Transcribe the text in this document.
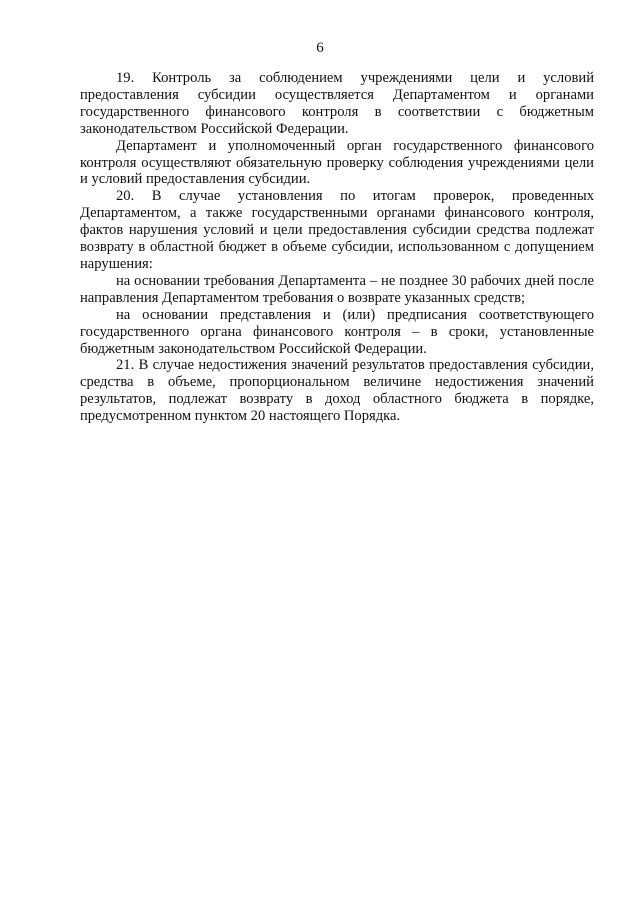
6

19. Контроль за соблюдением учреждениями цели и условий предоставления субсидии осуществляется Департаментом и органами государственного финансового контроля в соответствии с бюджетным законодательством Российской Федерации.

Департамент и уполномоченный орган государственного финансового контроля осуществляют обязательную проверку соблюдения учреждениями цели и условий предоставления субсидии.

20. В случае установления по итогам проверок, проведенных Департаментом, а также государственными органами финансового контроля, фактов нарушения условий и цели предоставления субсидии средства подлежат возврату в областной бюджет в объеме субсидии, использованном с допущением нарушения:

на основании требования Департамента – не позднее 30 рабочих дней после направления Департаментом требования о возврате указанных средств;

на основании представления и (или) предписания соответствующего государственного органа финансового контроля – в сроки, установленные бюджетным законодательством Российской Федерации.

21. В случае недостижения значений результатов предоставления субсидии, средства в объеме, пропорциональном величине недостижения значений результатов, подлежат возврату в доход областного бюджета в порядке, предусмотренном пунктом 20 настоящего Порядка.
